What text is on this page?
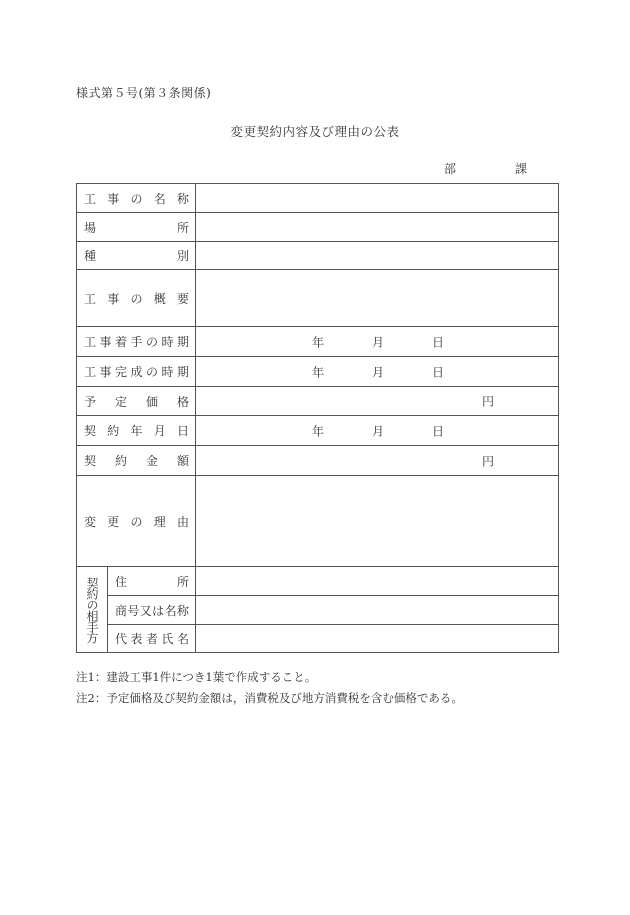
様式第５号(第３条関係)
変更契約内容及び理由の公表
部	課
工 事 の 名 称		

場 所		

種 別		

工 事 の 概 要		

工 事 着 手 の 時 期	年	月	日

工 事 完 成 の 時 期	年	月	日

予 定 価 格		円

契 約 年 月 日		年 月 日

契 約 金 額		円

変 更 の 理 由		

契約の相手方	住 所	

商 号 又 は 名 称

	代 表 者 氏 名	

注1：建設工事1件につき1葉で作成すること。
注2：予定価格及び契約金額は，消費税及び地方消費税を含む価格である。
